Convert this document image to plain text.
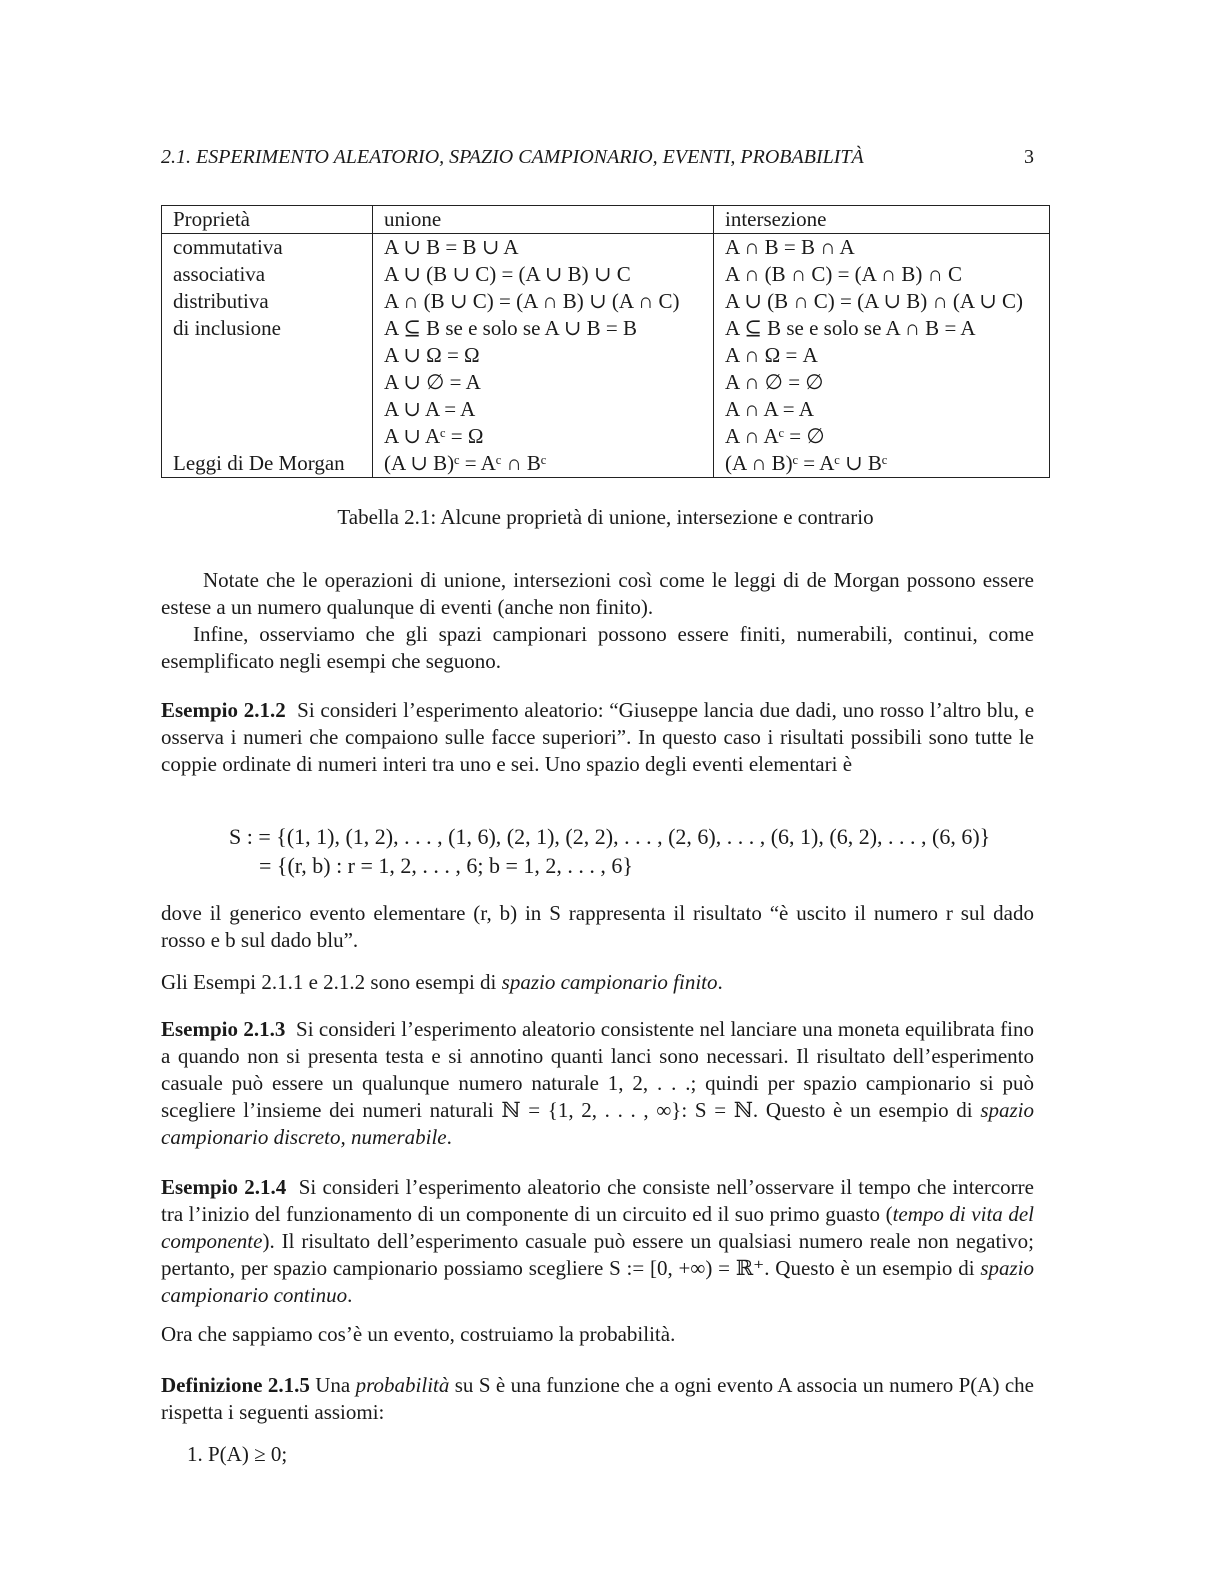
2.1. ESPERIMENTO ALEATORIO, SPAZIO CAMPIONARIO, EVENTI, PROBABILITÀ	3
Proprietà	unione	intersezione
commutativa	A ∪ B = B ∪ A	A ∩ B = B ∩ A
associativa	A ∪ (B ∪ C) = (A ∪ B) ∪ C	A ∩ (B ∩ C) = (A ∩ B) ∩ C
distributiva	A ∩ (B ∪ C) = (A ∩ B) ∪ (A ∩ C)	A ∪ (B ∩ C) = (A ∪ B) ∩ (A ∪ C)
di inclusione	A ⊆ B se e solo se A ∪ B = B	A ⊆ B se e solo se A ∩ B = A
	A ∪ Ω = Ω	A ∩ Ω = A
	A ∪ ∅ = A	A ∩ ∅ = ∅
	A ∪ A = A	A ∩ A = A
	A ∪ Aᶜ = Ω	A ∩ Aᶜ = ∅
Leggi di De Morgan	(A ∪ B)ᶜ = Aᶜ ∩ Bᶜ	(A ∩ B)ᶜ = Aᶜ ∪ Bᶜ
Tabella 2.1: Alcune proprietà di unione, intersezione e contrario

Notate che le operazioni di unione, intersezioni così come le leggi di de Morgan possono essere estese a un numero qualunque di eventi (anche non finito).

Infine, osserviamo che gli spazi campionari possono essere finiti, numerabili, continui, come esemplificato negli esempi che seguono.

Esempio 2.1.2 Si consideri l’esperimento aleatorio: “Giuseppe lancia due dadi, uno rosso l’altro blu, e osserva i numeri che compaiono sulle facce superiori”. In questo caso i risultati possibili sono tutte le coppie ordinate di numeri interi tra uno e sei. Uno spazio degli eventi elementari è

S : = {(1, 1), (1, 2), . . . , (1, 6), (2, 1), (2, 2), . . . , (2, 6), . . . , (6, 1), (6, 2), . . . , (6, 6)}
= {(r, b) : r = 1, 2, . . . , 6; b = 1, 2, . . . , 6}

dove il generico evento elementare (r, b) in S rappresenta il risultato “è uscito il numero r sul dado rosso e b sul dado blu”.

Gli Esempi 2.1.1 e 2.1.2 sono esempi di spazio campionario finito.

Esempio 2.1.3 Si consideri l’esperimento aleatorio consistente nel lanciare una moneta equilibrata fino a quando non si presenta testa e si annotino quanti lanci sono necessari. Il risultato dell’esperimento casuale può essere un qualunque numero naturale 1, 2, . . .; quindi per spazio campionario si può scegliere l’insieme dei numeri naturali ℕ = {1, 2, . . . , ∞}: S = ℕ. Questo è un esempio di spazio campionario discreto, numerabile.

Esempio 2.1.4 Si consideri l’esperimento aleatorio che consiste nell’osservare il tempo che intercorre tra l’inizio del funzionamento di un componente di un circuito ed il suo primo guasto (tempo di vita del componente). Il risultato dell’esperimento casuale può essere un qualsiasi numero reale non negativo; pertanto, per spazio campionario possiamo scegliere S := [0, +∞) = ℝ⁺. Questo è un esempio di spazio campionario continuo.

Ora che sappiamo cos’è un evento, costruiamo la probabilità.

Definizione 2.1.5 Una probabilità su S è una funzione che a ogni evento A associa un numero P(A) che rispetta i seguenti assiomi:

1. P(A) ≥ 0;
